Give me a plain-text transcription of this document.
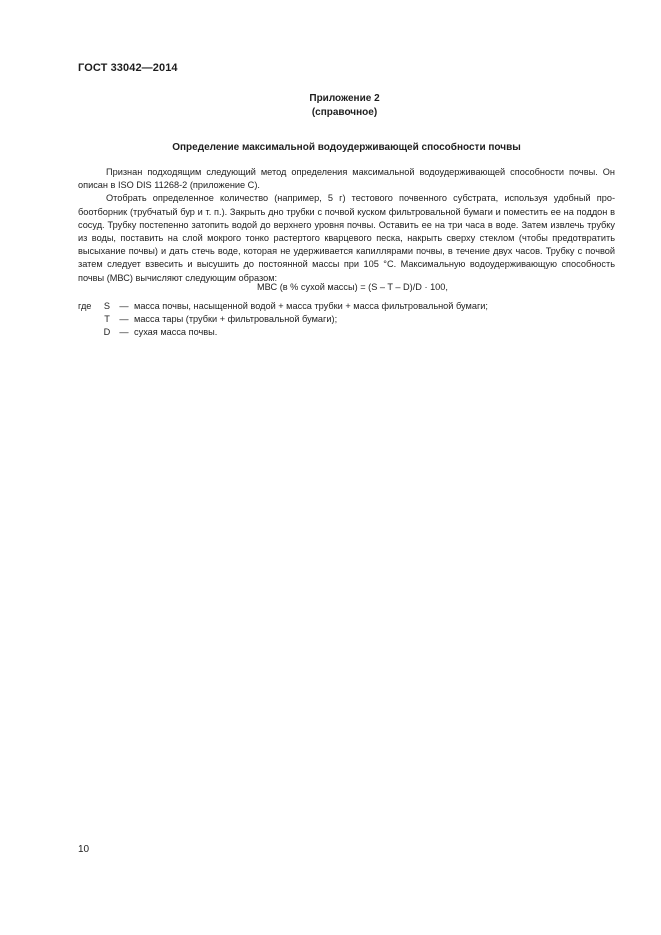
ГОСТ 33042—2014
Приложение 2
(справочное)
Определение максимальной водоудерживающей способности почвы

Признан подходящим следующий метод определения максимальной водоудерживающей способности почвы. Он описан в ISO DIS 11268-2 (приложение С).

Отобрать определенное количество (например, 5 г) тестового почвенного субстрата, используя удобный пробоотборник (трубчатый бур и т. п.). Закрыть дно трубки с почвой куском фильтровальной бумаги и поместить ее на поддон в сосуд. Трубку постепенно затопить водой до верхнего уровня почвы. Оставить ее на три часа в воде. Затем извлечь трубку из воды, поставить на слой мокрого тонко растертого кварцевого песка, накрыть сверху стеклом (чтобы предотвратить высыхание почвы) и дать стечь воде, которая не удерживается капиллярами почвы, в течение двух часов. Трубку с почвой затем следует взвесить и высушить до постоянной массы при 105 °С. Максимальную водоудерживающую способность почвы (МВС) вычисляют следующим образом:

МВС (в % сухой массы) = (S – T – D)/D · 100,
где	S	— масса почвы, насыщенной водой + масса трубки + масса фильтровальной бумаги;
T	— масса тары (трубки + фильтровальной бумаги);
D — сухая масса почвы.
10
